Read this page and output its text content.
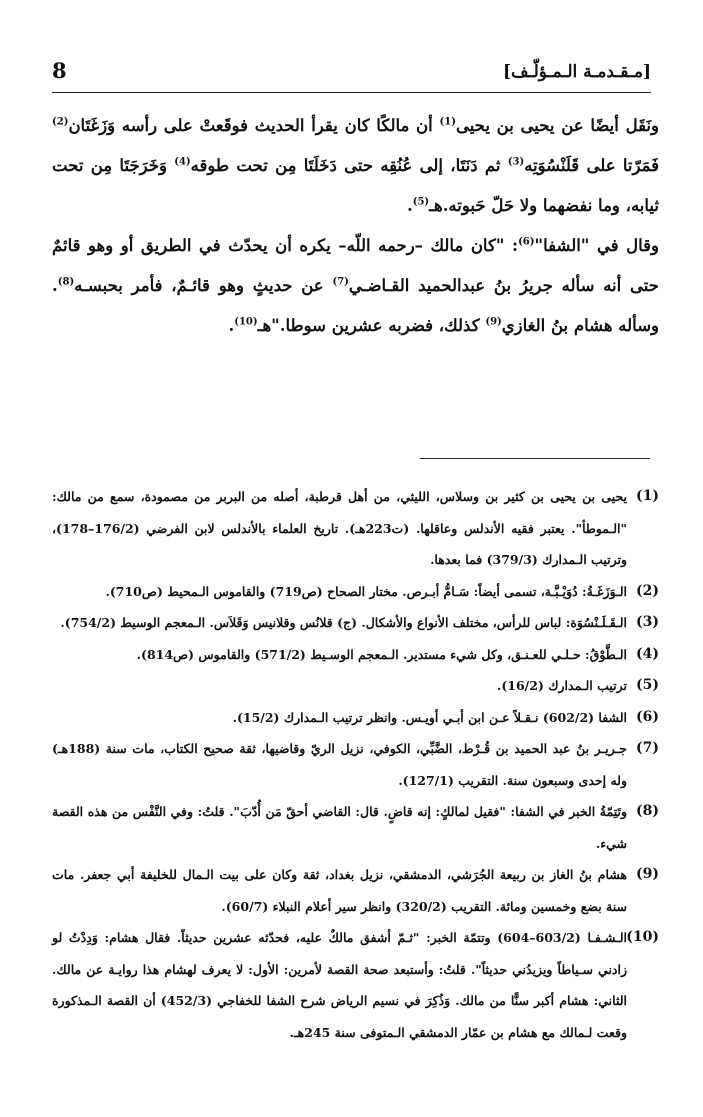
8	[مـقـدمـة الـمـؤلّـف]

ونَقَل أيضًا عن يحيى بن يحيى$^{(1)}$ أن مالكًا كان يقرأ الحديث فوقَعتْ على رأسه وَزَغَتَان$^{(2)}$ فَمَرّتا على قَلَنْسُوَتِه$^{(3)}$ ثم دَنَتَا، إلى عُنُقِه حتى دَخَلَتَا مِن تحت طوقه$^{(4)}$ وَخَرَجَتَا مِن تحت ثيابه، وما نفضهما ولا حَلّ حَبوته.هـ$^{(5)}$.

وقال في "الشفا"$^{(6)}$: "كان مالك –رحمه اللّه– يكره أن يحدّث في الطريق أو وهو قائمٌ حتى أنه سأله جريرُ بنُ عبدالحميد القـاضـي$^{(7)}$ عن حديثٍ وهو قائـمٌ، فأمر بحبسـه$^{(8)}$. وسأله هشام بنُ الغازي$^{(9)}$ كذلك، فضربه عشرين سوطا."هـ$^{(10)}$.

(1)
يحيى بن يحيى بن كثير بن وسلاس، الليثي، من أهل قرطبة، أصله من البربر من مصمودة، سمع من مالك: "الـموطأ". يعتبر فقيه الأندلس وعاقلها. (ت223هـ). تاريخ العلماء بالأندلس لابن الفرضي (176/2–178)، وترتيب الـمدارك (379/3) فما بعدها.
(2)
الـوَزَغَـةُ: دُوَيْـبَّـة، تسمى أيضاً: سَـامُّ أبـرص. مختار الصحاح (ص719) والقاموس الـمحيط (ص710).
(3)
الـقَـلَـنْسُوَة: لباس للرأس، مختلف الأنواع والأشكال. (ج) قلانُس وقلانيس وَقَلاَس. الـمعجم الوسيط (754/2).
(4)
الـطَّوْقُ: حـلـي للعـنـق، وكل شيء مستدير. الـمعجم الوسـيط (571/2) والقاموس (ص814).
(5)
ترتيب الـمدارك (16/2).
(6)
الشفا (602/2) نـقـلاً عـن ابن أبـي أويـس. وانظر ترتيب الـمدارك (15/2).
(7)
جـريـر بنُ عبد الحميد بن قُـرْط، الضَّبِّي، الكوفي، نزيل الريّ وقاضيها، ثقة صحيح الكتاب، مات سنة (188هـ) وله إحدى وسبعون سنة. التقريب (127/1).
(8)
وتَتِمّةُ الخبر في الشفا: "فقيل لمالكٍ: إنه قاضٍ. قال: القاضي أحقّ مَن أُدّبَ". قلتُ: وفي النَّفْس من هذه القصة شيء.
(9)
هشام بنُ الغاز بن ربيعة الجُرَشي، الدمشقي، نزيل بغداد، ثقة وكان على بيت الـمال للخليفة أبي جعفر. مات سنة بضع وخمسين ومائة. التقريب (320/2) وانظر سير أعلام النبلاء (60/7).
(10)
الـشـفـا (603/2–604) وتتمّة الخبر: "ثـمّ أشفق مالكٌ عليه، فحدّثه عشرين حديثاً. فقال هشام: وَدِدْتُ لو زادني سـياطاً ويزيدُني حديثاً". قلتُ: وأستبعد صحة القصة لأمرين: الأول: لا يعرف لهشام هذا روايـة عن مالك. الثاني: هشام أكبر سنًّا من مالك. وَذُكِرَ في نسيم الرياض شرح الشفا للخفاجي (452/3) أن القصة الـمذكورة وقعت لـمالك مع هشام بن عمّار الدمشقي الـمتوفى سنة 245هـ.
